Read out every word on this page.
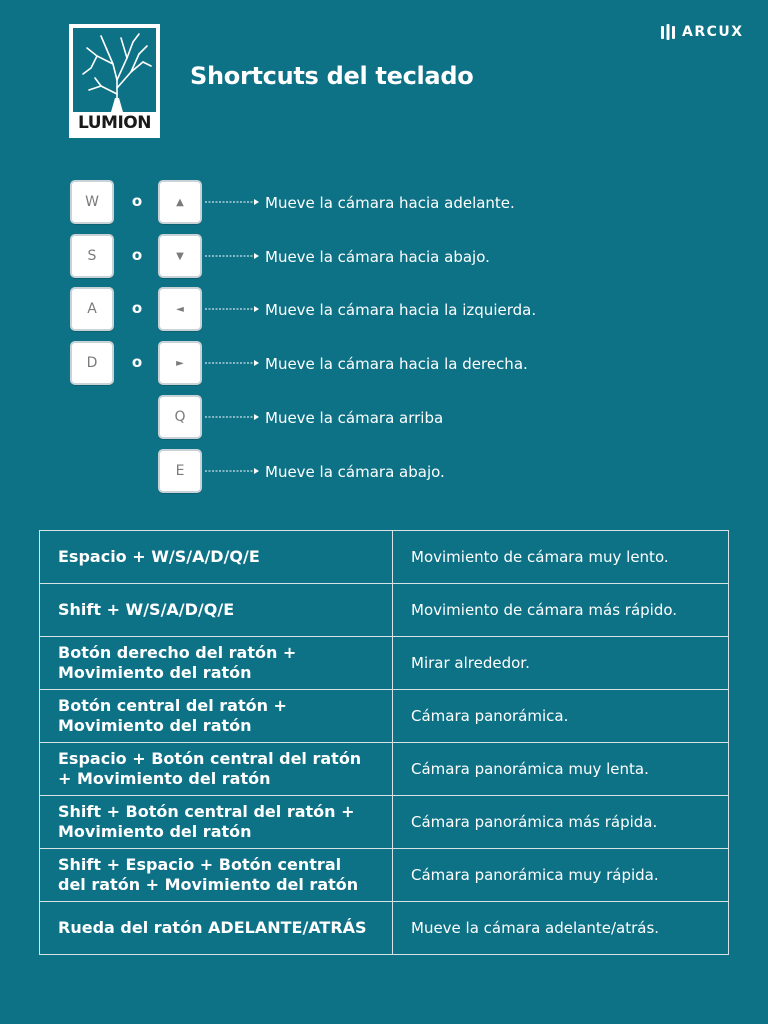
LUMION
Shortcuts del teclado
ARCUX
W	o	▲	Mueve la cámara hacia adelante.
S	o	▼	Mueve la cámara hacia abajo.
A	o	◄	Mueve la cámara hacia la izquierda.
D	o	►	Mueve la cámara hacia la derecha.
Q	Mueve la cámara arriba
E	Mueve la cámara abajo.
Espacio + W/S/A/D/Q/E	Movimiento de cámara muy lento.
Shift + W/S/A/D/Q/E	Movimiento de cámara más rápido.
Botón derecho del ratón + Movimiento del ratón	Mirar alrededor.
Botón central del ratón + Movimiento del ratón	Cámara panorámica.
Espacio + Botón central del ratón + Movimiento del ratón	Cámara panorámica muy lenta.
Shift + Botón central del ratón + Movimiento del ratón	Cámara panorámica más rápida.
Shift + Espacio + Botón central del ratón + Movimiento del ratón	Cámara panorámica muy rápida.
Rueda del ratón ADELANTE/ATRÁS	Mueve la cámara adelante/atrás.
